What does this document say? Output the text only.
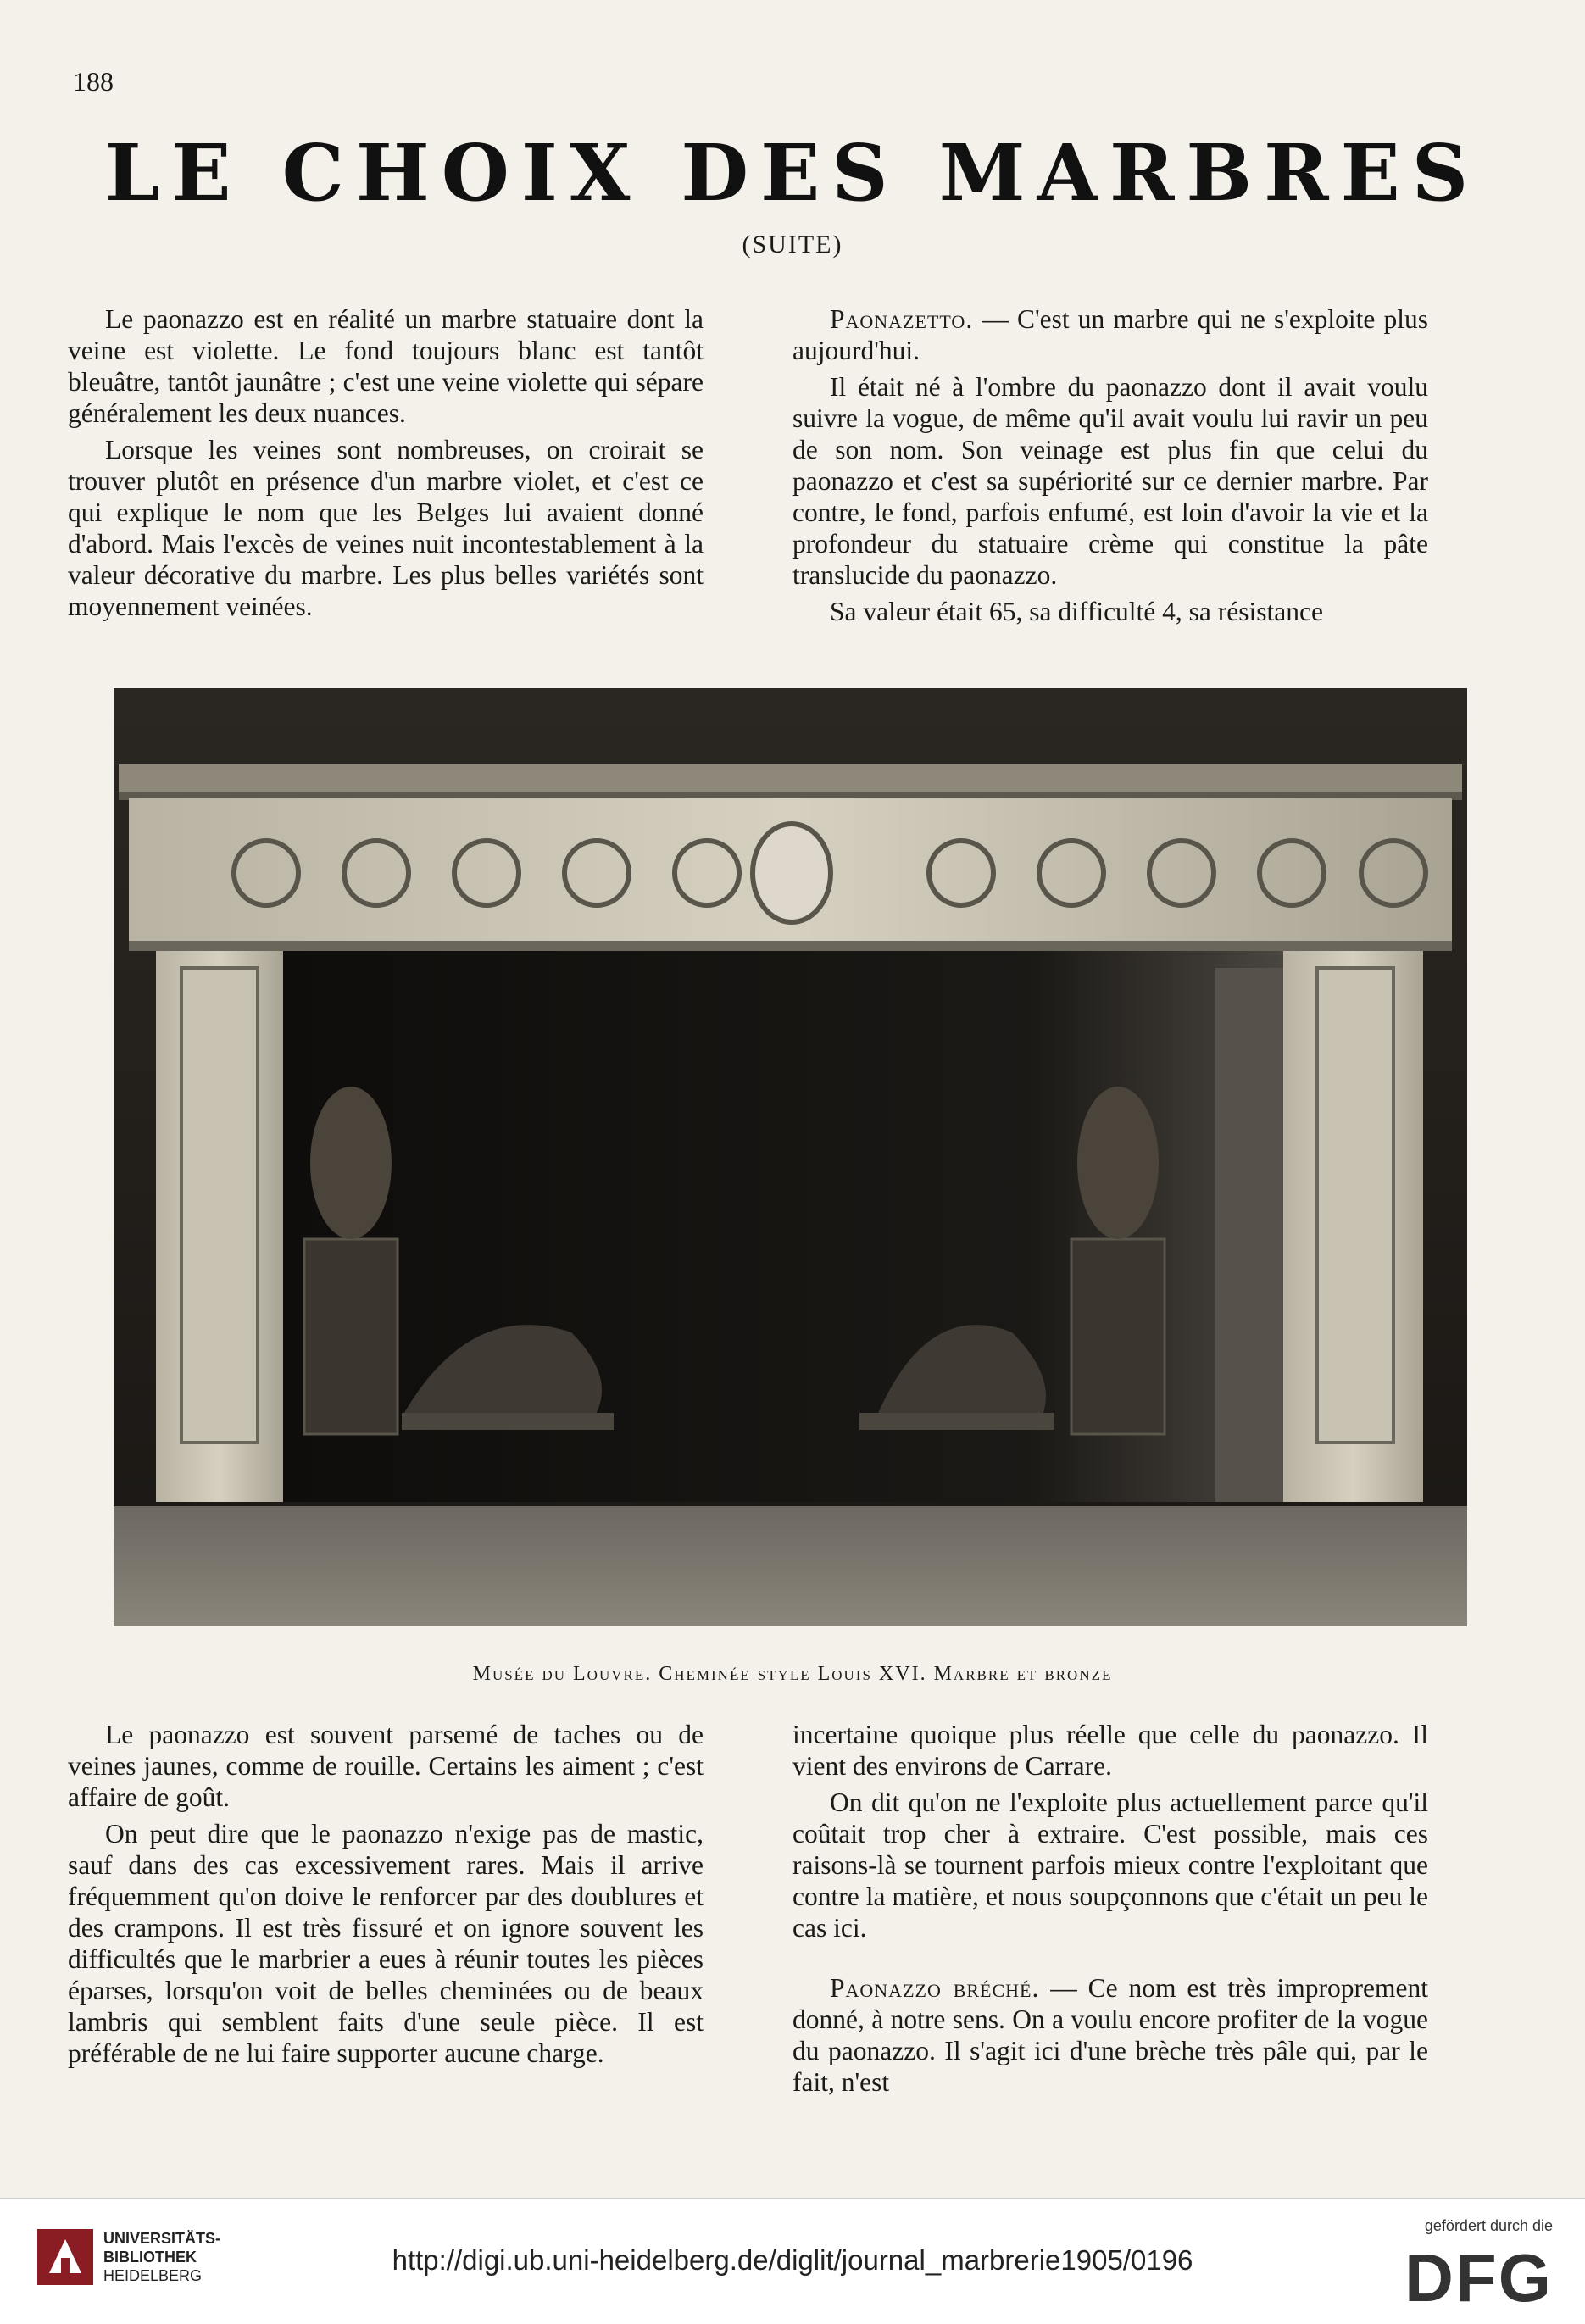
188
LE CHOIX DES MARBRES
(SUITE)

Le paonazzo est en réalité un marbre statuaire dont la veine est violette. Le fond toujours blanc est tantôt bleuâtre, tantôt jaunâtre ; c'est une veine violette qui sépare généralement les deux nuances.

Lorsque les veines sont nombreuses, on croirait se trouver plutôt en présence d'un marbre violet, et c'est ce qui explique le nom que les Belges lui avaient donné d'abord. Mais l'excès de veines nuit incontestablement à la valeur décorative du marbre. Les plus belles variétés sont moyennement veinées.

Paonazetto. — C'est un marbre qui ne s'exploite plus aujourd'hui.

Il était né à l'ombre du paonazzo dont il avait voulu suivre la vogue, de même qu'il avait voulu lui ravir un peu de son nom. Son veinage est plus fin que celui du paonazzo et c'est sa supériorité sur ce dernier marbre. Par contre, le fond, parfois enfumé, est loin d'avoir la vie et la profondeur du statuaire crème qui constitue la pâte translucide du paonazzo.

Sa valeur était 65, sa difficulté 4, sa résistance

Musée du Louvre. Cheminée style Louis XVI. Marbre et bronze

Le paonazzo est souvent parsemé de taches ou de veines jaunes, comme de rouille. Certains les aiment ; c'est affaire de goût.

On peut dire que le paonazzo n'exige pas de mastic, sauf dans des cas excessivement rares. Mais il arrive fréquemment qu'on doive le renforcer par des doublures et des crampons. Il est très fissuré et on ignore souvent les difficultés que le marbrier a eues à réunir toutes les pièces éparses, lorsqu'on voit de belles cheminées ou de beaux lambris qui semblent faits d'une seule pièce. Il est préférable de ne lui faire supporter aucune charge.

incertaine quoique plus réelle que celle du paonazzo. Il vient des environs de Carrare.

On dit qu'on ne l'exploite plus actuellement parce qu'il coûtait trop cher à extraire. C'est possible, mais ces raisons-là se tournent parfois mieux contre l'exploitant que contre la matière, et nous soupçonnons que c'était un peu le cas ici.

Paonazzo bréché. — Ce nom est très improprement donné, à notre sens. On a voulu encore profiter de la vogue du paonazzo. Il s'agit ici d'une brèche très pâle qui, par le fait, n'est

UNIVERSITÄTS-
BIBLIOTHEK
HEIDELBERG	http://digi.ub.uni-heidelberg.de/diglit/journal_marbrerie1905/0196
gefördert durch die
DFG
